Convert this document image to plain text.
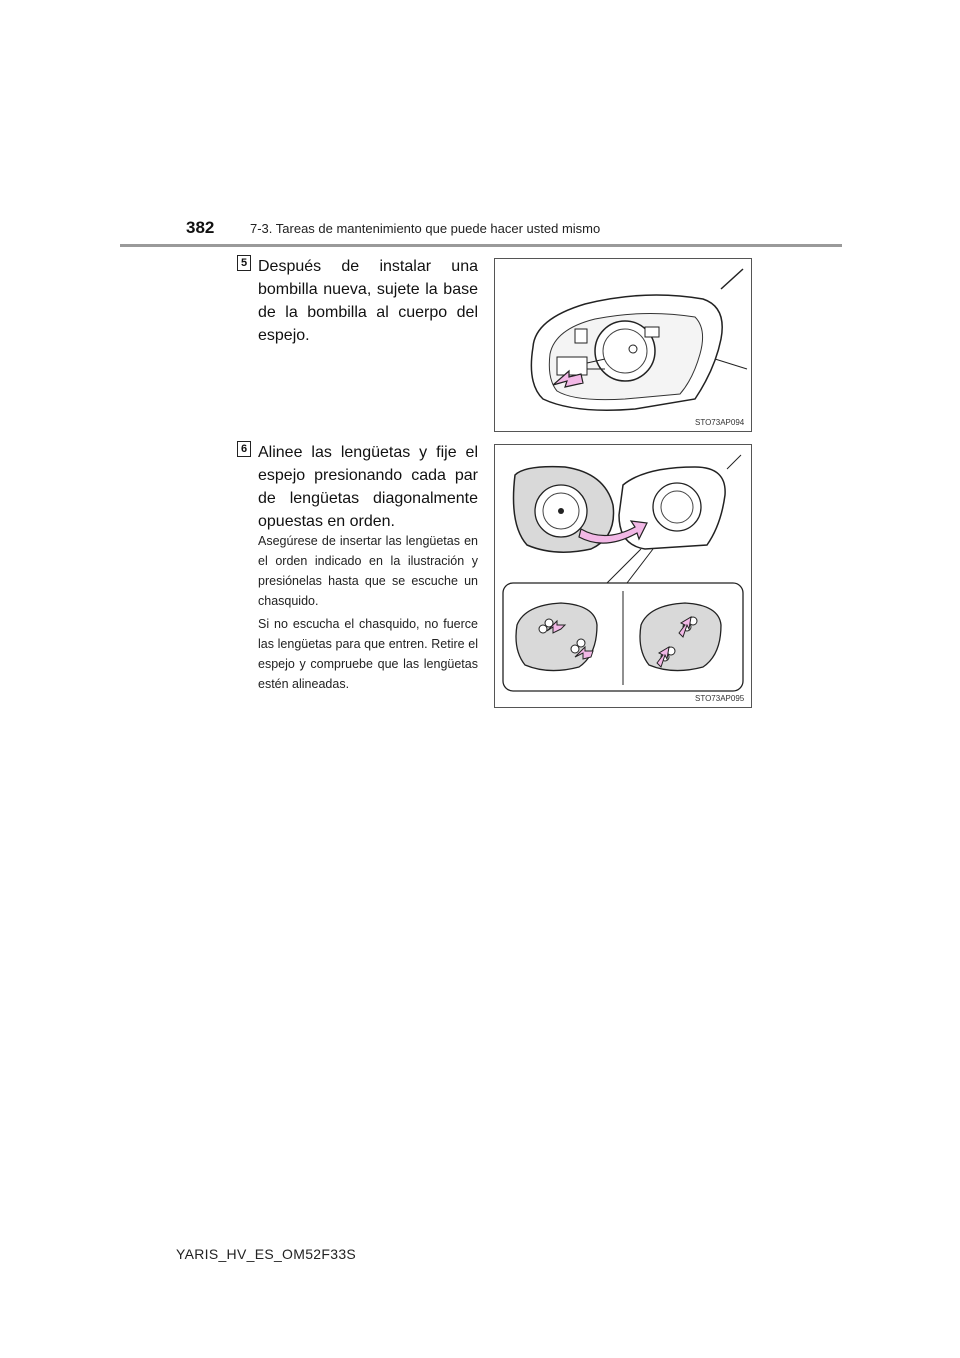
382	7-3. Tareas de mantenimiento que puede hacer usted mismo
5 Después de instalar una bombilla nueva, sujete la base de la bombilla al cuerpo del espejo.
STO73AP094
6 Alinee las lengüetas y fije el espejo presionando cada par de lengüetas diagonalmente opuestas en orden.
Asegúrese de insertar las lengüetas en el orden indicado en la ilustración y presiónelas hasta que se escuche un chasquido.
Si no escucha el chasquido, no fuerce las lengüetas para que entren. Retire el espejo y compruebe que las lengüetas estén alineadas.
STO73AP095
YARIS_HV_ES_OM52F33S
